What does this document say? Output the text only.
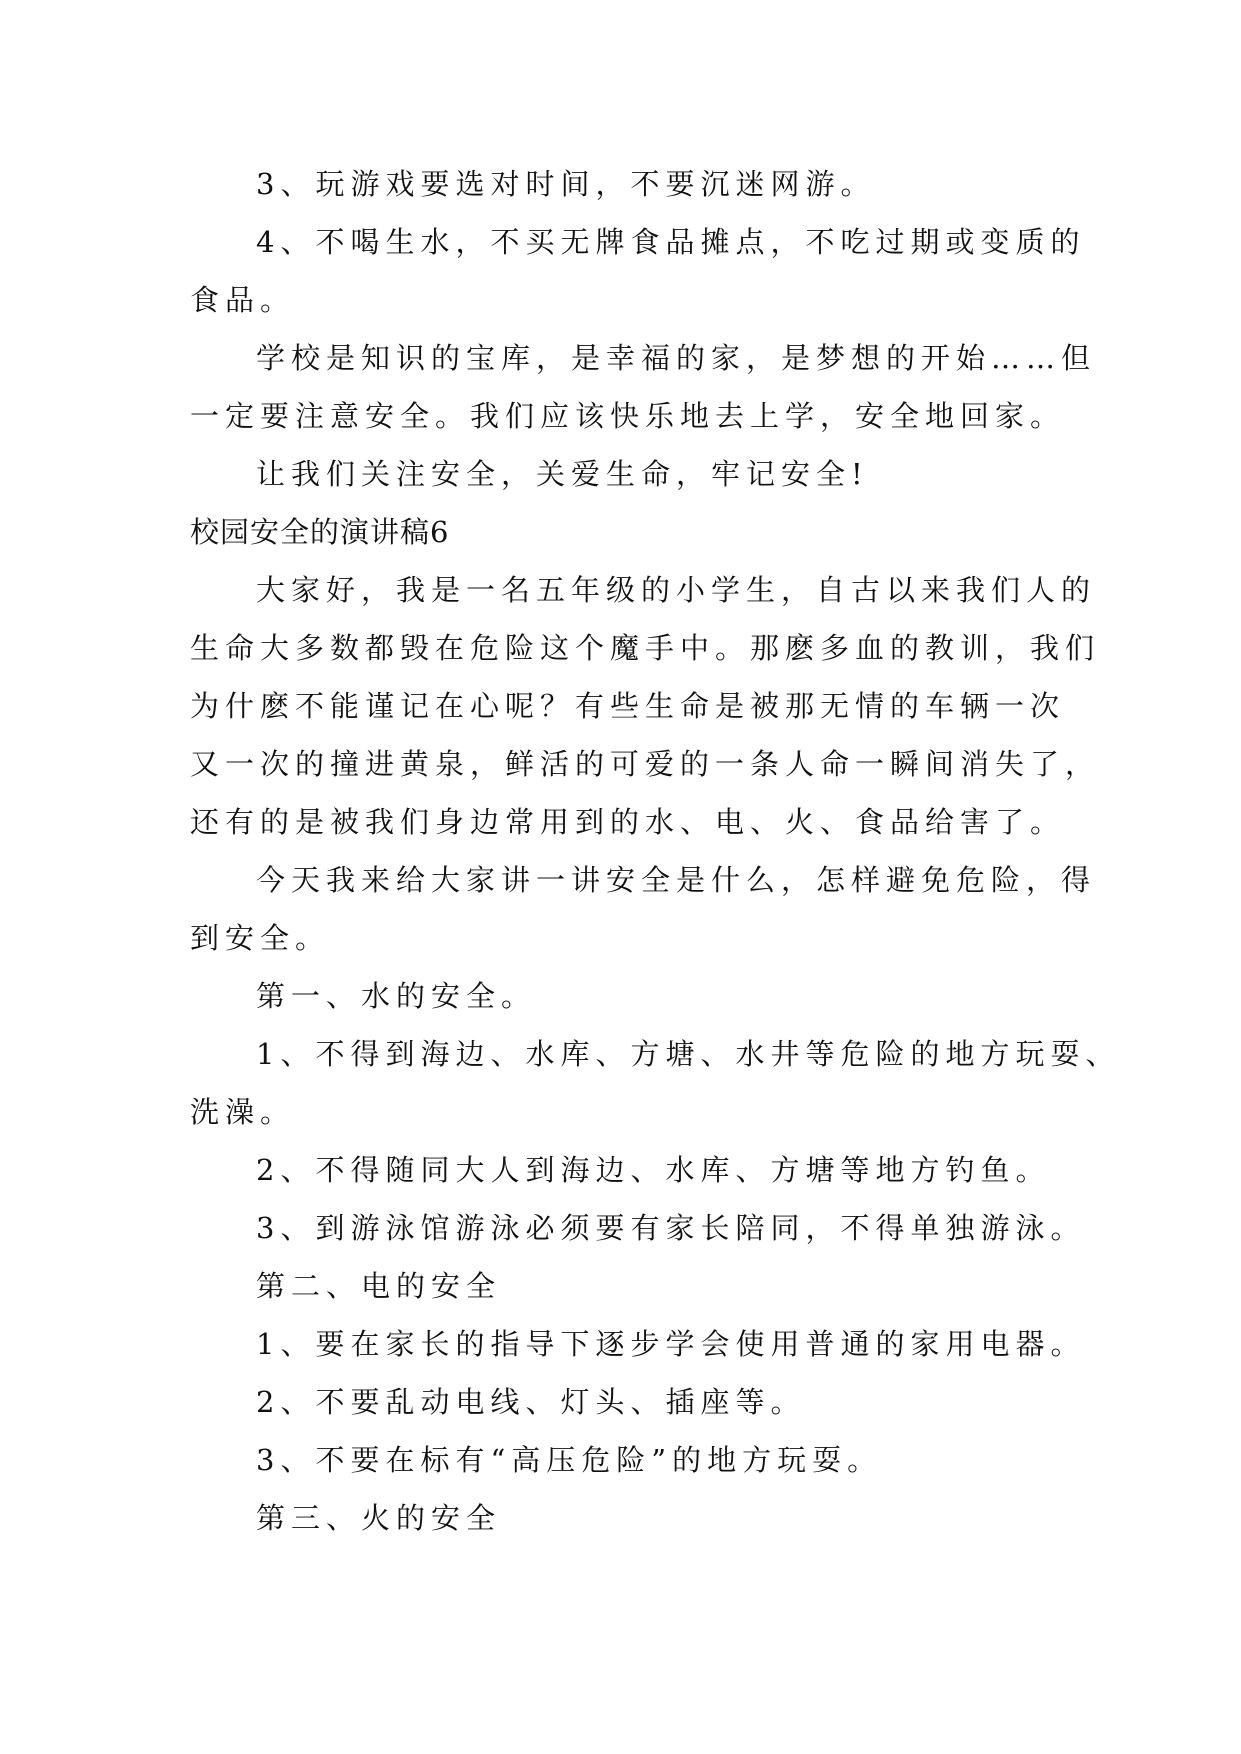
3、玩游戏要选对时间，不要沉迷网游。
4、不喝生水，不买无牌食品摊点，不吃过期或变质的
食品。
学校是知识的宝库，是幸福的家，是梦想的开始……但
一定要注意安全。我们应该快乐地去上学，安全地回家。
让我们关注安全，关爱生命，牢记安全!
校园安全的演讲稿6
大家好，我是一名五年级的小学生，自古以来我们人的
生命大多数都毁在危险这个魔手中。那麽多血的教训，我们
为什麽不能谨记在心呢？有些生命是被那无情的车辆一次
又一次的撞进黄泉，鲜活的可爱的一条人命一瞬间消失了，
还有的是被我们身边常用到的水、电、火、食品给害了。
今天我来给大家讲一讲安全是什么，怎样避免危险，得
到安全。
第一、水的安全。
1、不得到海边、水库、方塘、水井等危险的地方玩耍、
洗澡。
2、不得随同大人到海边、水库、方塘等地方钓鱼。
3、到游泳馆游泳必须要有家长陪同，不得单独游泳。
第二、电的安全
1、要在家长的指导下逐步学会使用普通的家用电器。
2、不要乱动电线、灯头、插座等。
3、不要在标有“高压危险”的地方玩耍。
第三、火的安全
